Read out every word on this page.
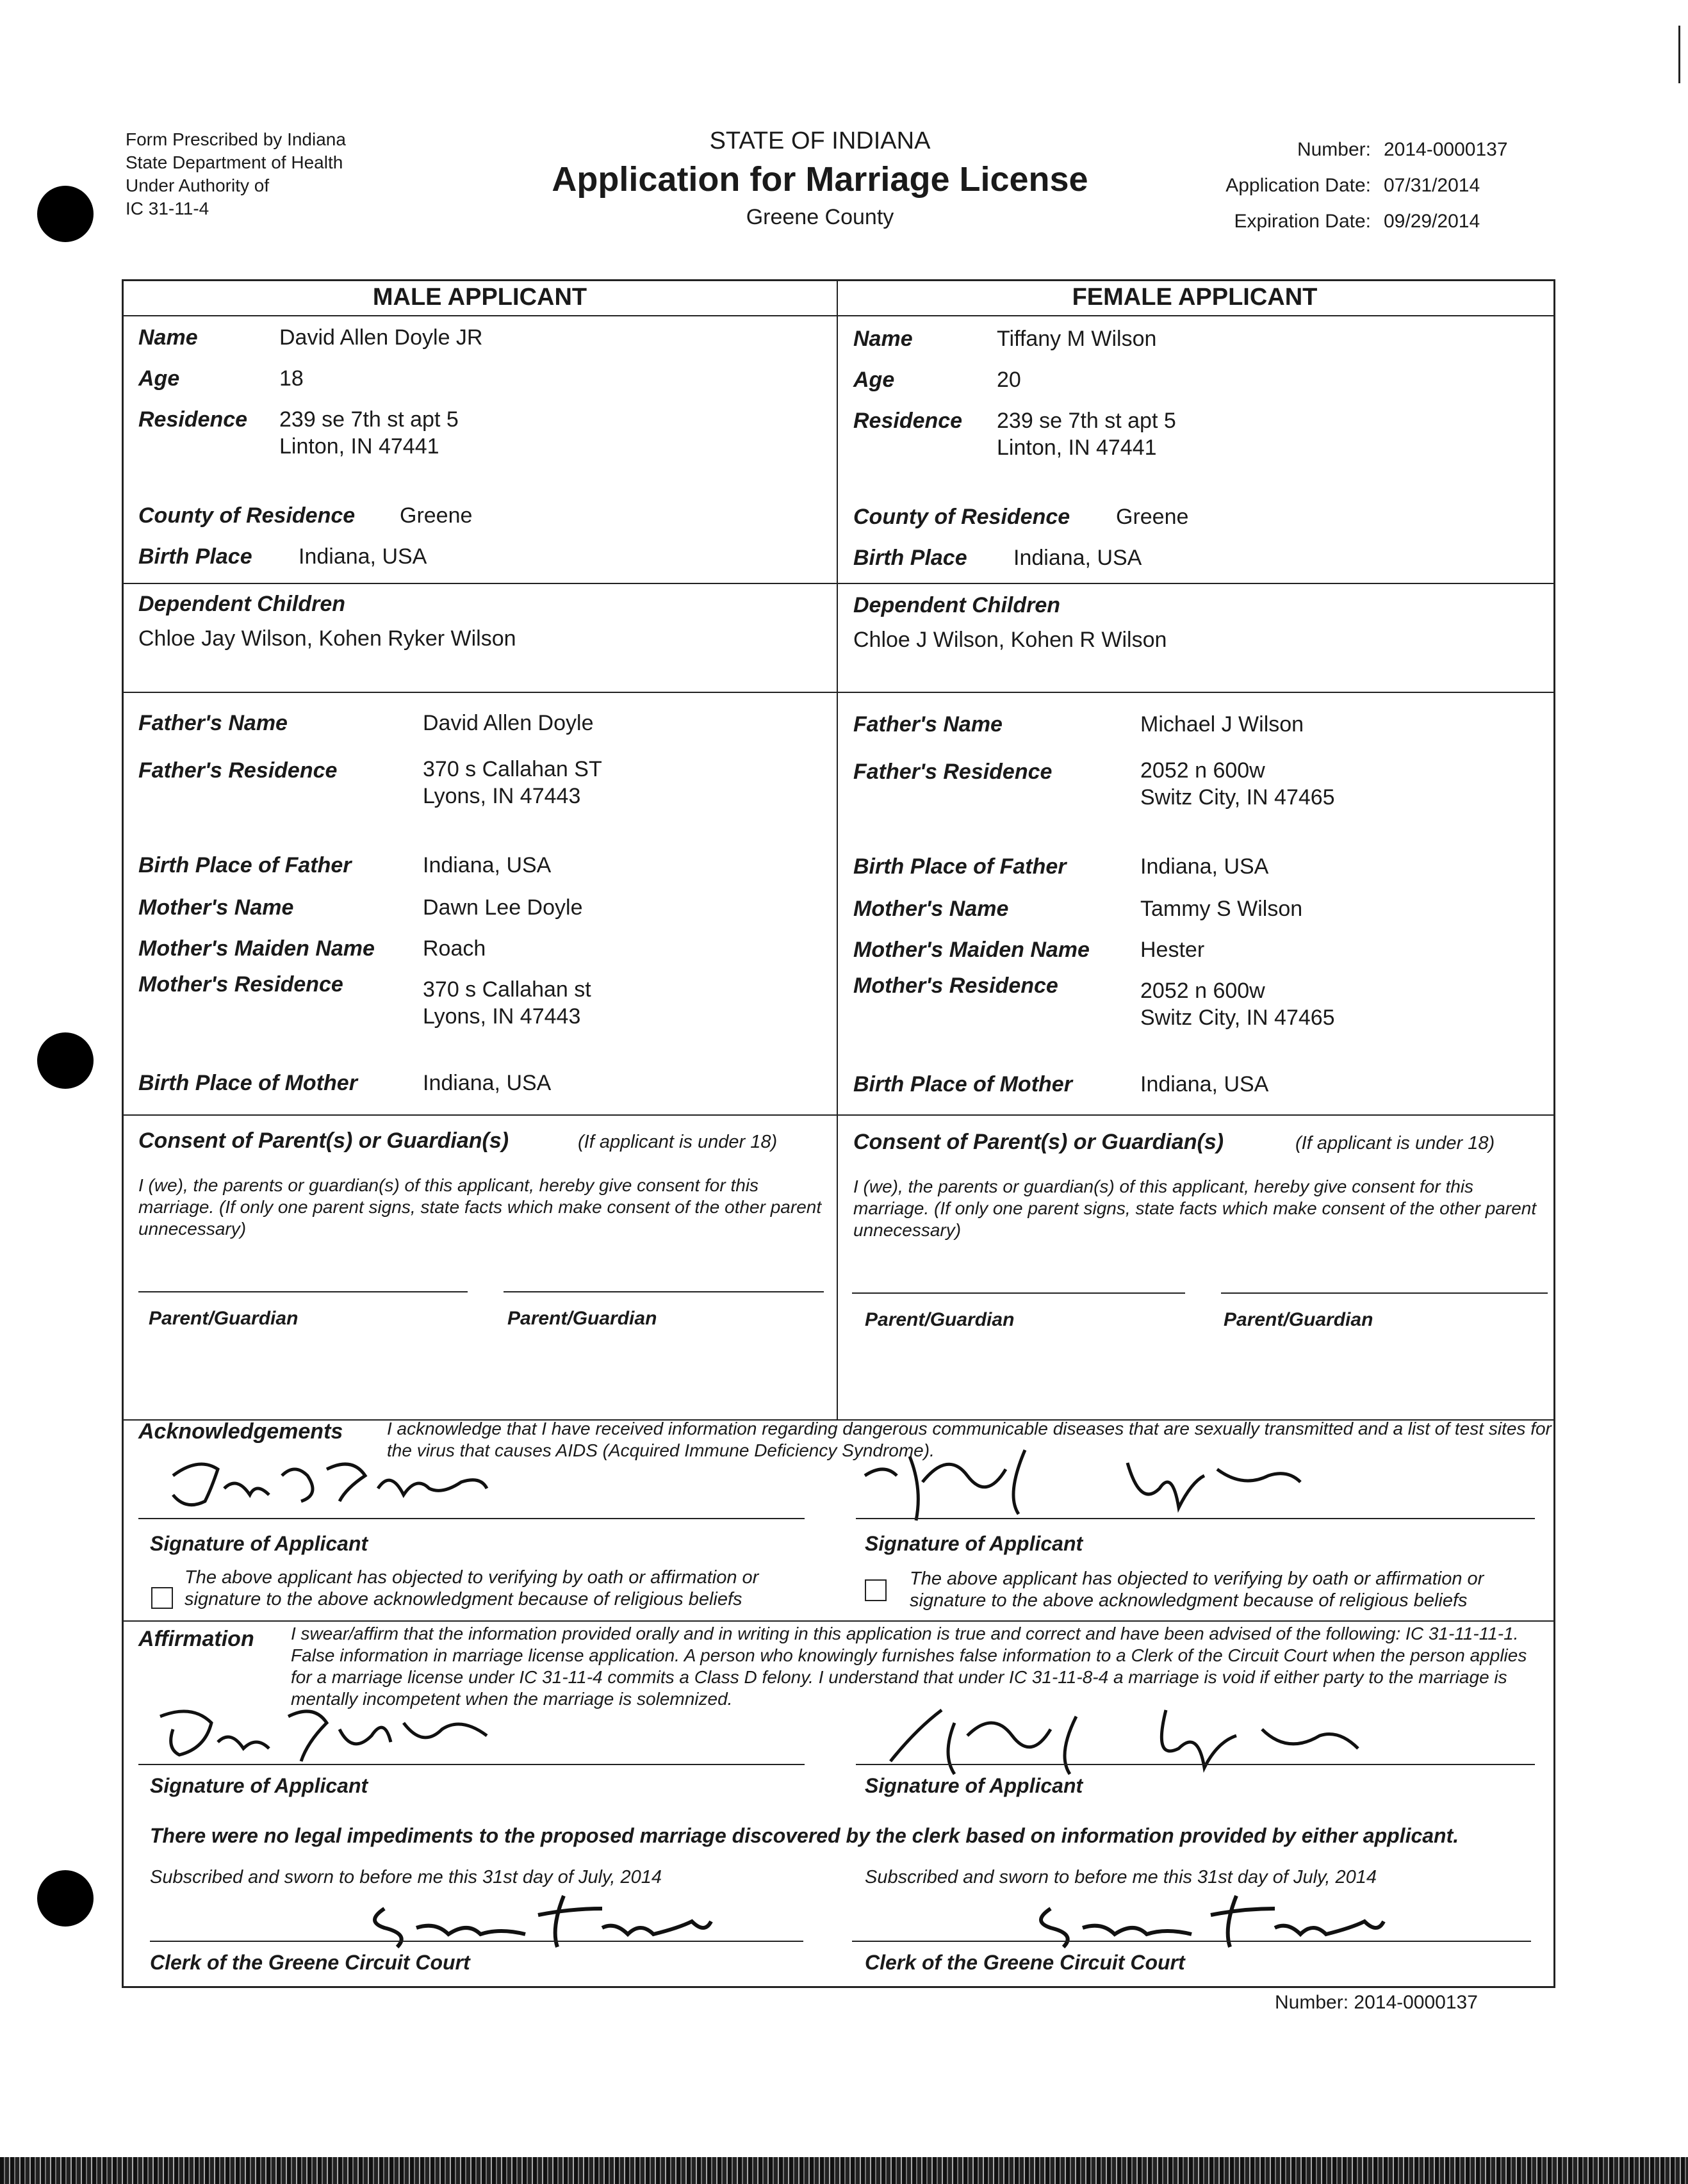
Form Prescribed by Indiana
State Department of Health
Under Authority of
IC 31-11-4
STATE OF INDIANA
Application for Marriage License
Greene County
Number: 2014-0000137
Application Date: 07/31/2014
Expiration Date: 09/29/2014
MALE APPLICANT	FEMALE APPLICANT
Name	David Allen Doyle JR
Age	18
Residence 239 se 7th st apt 5
Linton, IN 47441
County of Residence Greene
Birth Place Indiana, USA
Dependent Children
Chloe Jay Wilson, Kohen Ryker Wilson
Father's Name	David Allen Doyle
Father's Residence	370 s Callahan ST
Lyons, IN 47443
Birth Place of Father	Indiana, USA
Mother's Name	Dawn Lee Doyle
Mother's Maiden Name Roach
Mother's Residence	370 s Callahan st
Lyons, IN 47443
Birth Place of Mother	Indiana, USA
Name	Tiffany M Wilson
Age	20
Residence 239 se 7th st apt 5
Linton, IN 47441
County of Residence Greene
Birth Place Indiana, USA
Dependent Children
Chloe J Wilson, Kohen R Wilson
Father's Name	Michael J Wilson
Father's Residence	2052 n 600w
Switz City, IN 47465
Birth Place of Father	Indiana, USA
Mother's Name	Tammy S Wilson
Mother's Maiden Name Hester
Mother's Residence	2052 n 600w
Switz City, IN 47465
Birth Place of Mother	Indiana, USA
Consent of Parent(s) or Guardian(s)	(If applicant is under 18)
I (we), the parents or guardian(s) of this applicant, hereby give consent for this marriage. (If only one parent signs, state facts which make consent of the other parent unnecessary)
Parent/Guardian	Parent/Guardian
Consent of Parent(s) or Guardian(s)	(If applicant is under 18)
I (we), the parents or guardian(s) of this applicant, hereby give consent for this marriage. (If only one parent signs, state facts which make consent of the other parent unnecessary)
Parent/Guardian	Parent/Guardian
Acknowledgements I acknowledge that I have received information regarding dangerous communicable diseases that are sexually transmitted and a list of test sites for the virus that causes AIDS (Acquired Immune Deficiency Syndrome).
Signature of Applicant	Signature of Applicant
The above applicant has objected to verifying by oath or affirmation or signature to the above acknowledgment because of religious beliefs
The above applicant has objected to verifying by oath or affirmation or signature to the above acknowledgment because of religious beliefs
Affirmation I swear/affirm that the information provided orally and in writing in this application is true and correct and have been advised of the following: IC 31-11-11-1. False information in marriage license application. A person who knowingly furnishes false information to a Clerk of the Circuit Court when the person applies for a marriage license under IC 31-11-4 commits a Class D felony. I understand that under IC 31-11-8-4 a marriage is void if either party to the marriage is mentally incompetent when the marriage is solemnized.
Signature of Applicant	Signature of Applicant
There were no legal impediments to the proposed marriage discovered by the clerk based on information provided by either applicant.
Subscribed and sworn to before me this 31st day of July, 2014	Subscribed and sworn to before me this 31st day of July, 2014
Clerk of the Greene Circuit Court	Clerk of the Greene Circuit Court
Number: 2014-0000137
